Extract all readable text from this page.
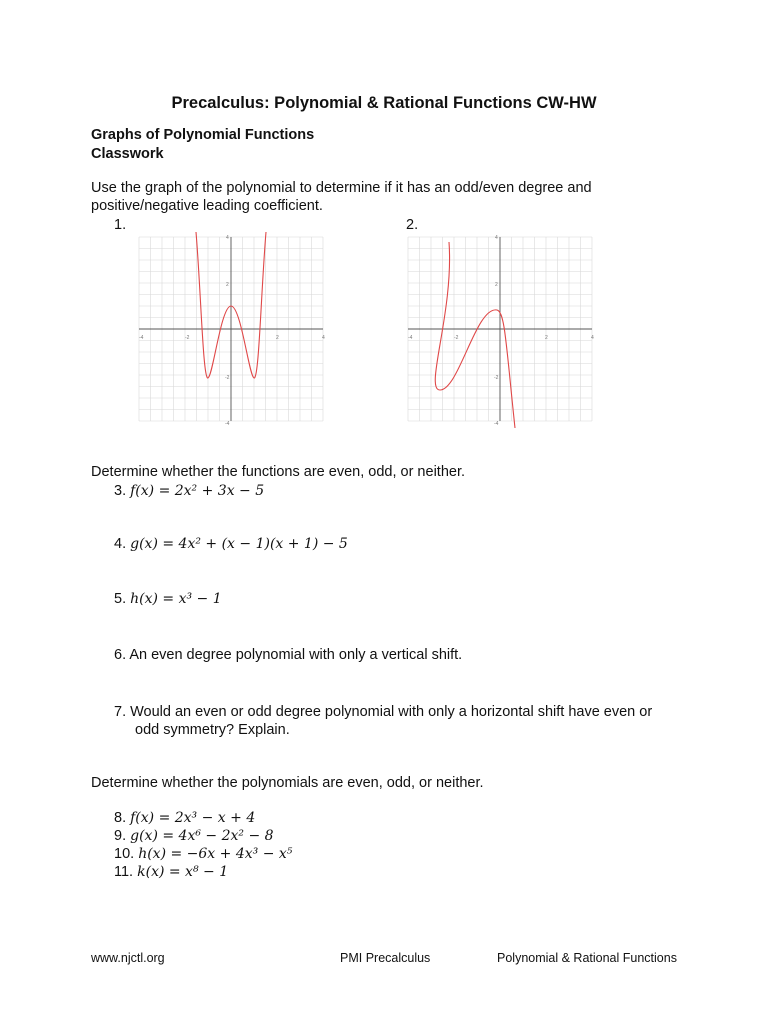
Precalculus: Polynomial & Rational Functions CW-HW
Graphs of Polynomial Functions
Classwork
Use the graph of the polynomial to determine if it has an odd/even degree and
positive/negative leading coefficient.
1.	2.
-4	-2	2	4
4
2
-2
-4
-4	-2	2	4
4
2
-2
-4
Determine whether the functions are even, odd, or neither.
3. f(x) = 2x² + 3x − 5
4. g(x) = 4x² + (x − 1)(x + 1) − 5
5. h(x) = x³ − 1
6. An even degree polynomial with only a vertical shift.
7. Would an even or odd degree polynomial with only a horizontal shift have even or
odd symmetry? Explain.
Determine whether the polynomials are even, odd, or neither.
8. f(x) = 2x³ − x + 4
9. g(x) = 4x⁶ − 2x² − 8
10. h(x) = −6x + 4x³ − x⁵
11. k(x) = x⁸ − 1
www.njctl.org	PMI Precalculus	Polynomial & Rational Functions
